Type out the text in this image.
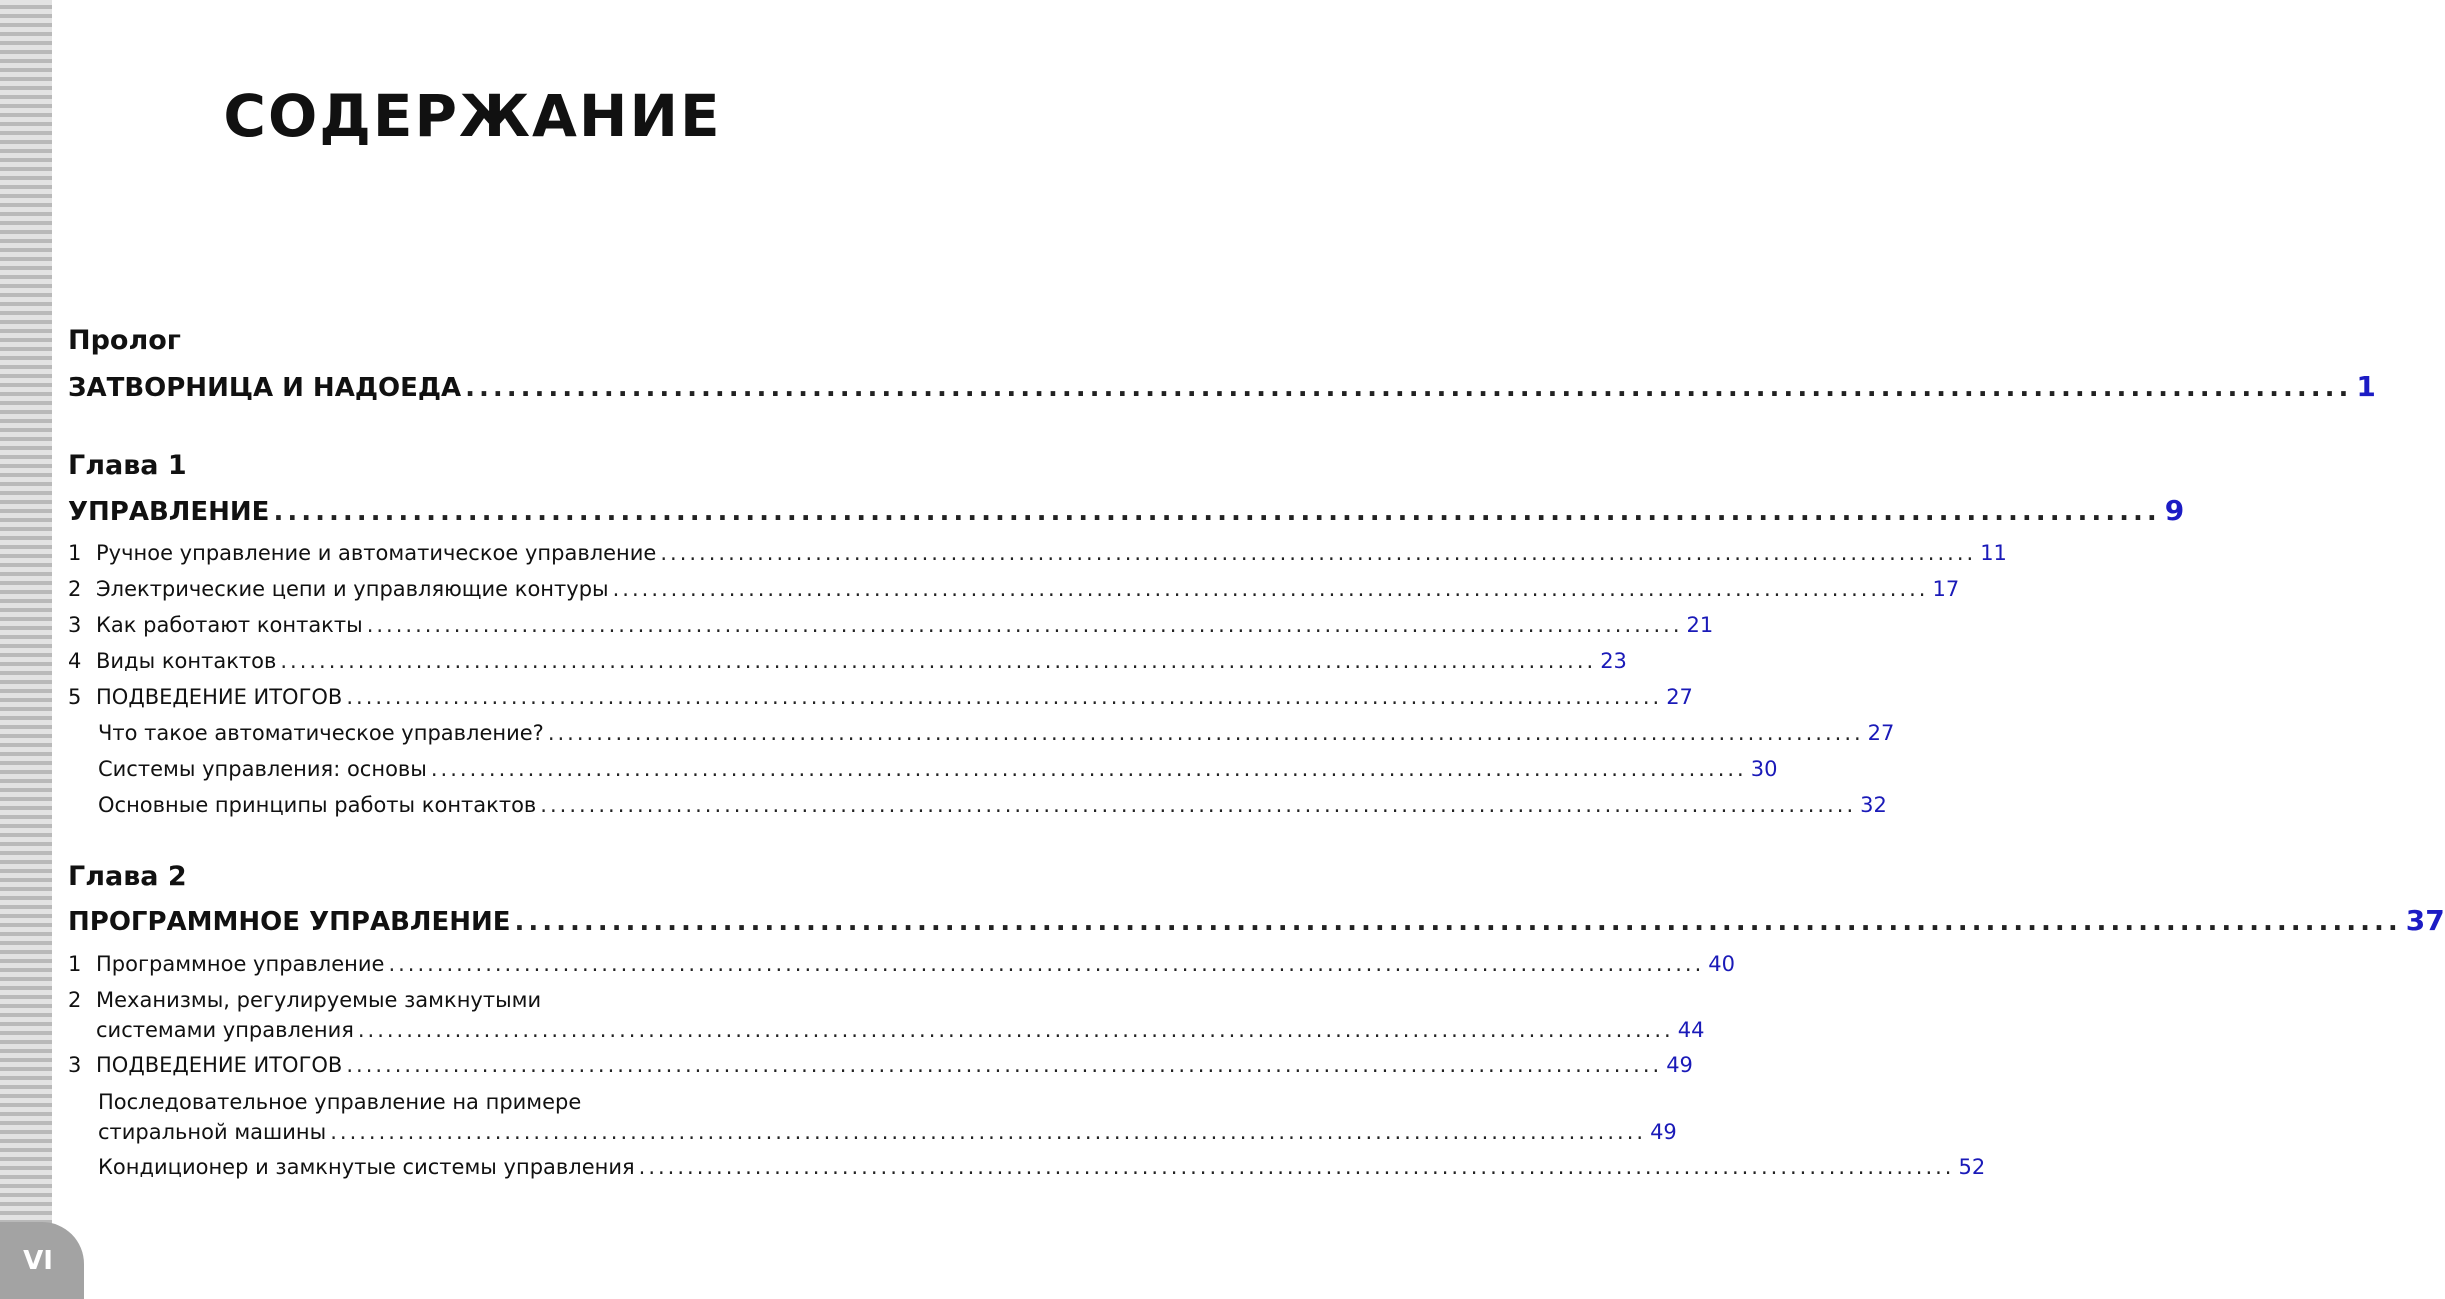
VI
СОДЕРЖАНИЕ
Пролог
ЗАТВОРНИЦА И НАДОЕДА ........................................................................................................................................ 1
Глава 1
УПРАВЛЕНИЕ ........................................................................................................................................ 9
1 Ручное управление и автоматическое управление ........................................................................................................................................ 11
2 Электрические цепи и управляющие контуры ........................................................................................................................................ 17
3 Как работают контакты ........................................................................................................................................ 21
4 Виды контактов ........................................................................................................................................ 23
5 ПОДВЕДЕНИЕ ИТОГОВ ........................................................................................................................................ 27
Что такое автоматическое управление? ........................................................................................................................................ 27
Системы управления: основы ........................................................................................................................................ 30
Основные принципы работы контактов ........................................................................................................................................ 32
Глава 2
ПРОГРАММНОЕ УПРАВЛЕНИЕ ........................................................................................................................................ 37
1 Программное управление ........................................................................................................................................ 40
2 Механизмы, регулируемые замкнутыми
системами управления ........................................................................................................................................ 44
3 ПОДВЕДЕНИЕ ИТОГОВ ........................................................................................................................................ 49
Последовательное управление на примере
стиральной машины ........................................................................................................................................ 49
Кондиционер и замкнутые системы управления ........................................................................................................................................ 52
